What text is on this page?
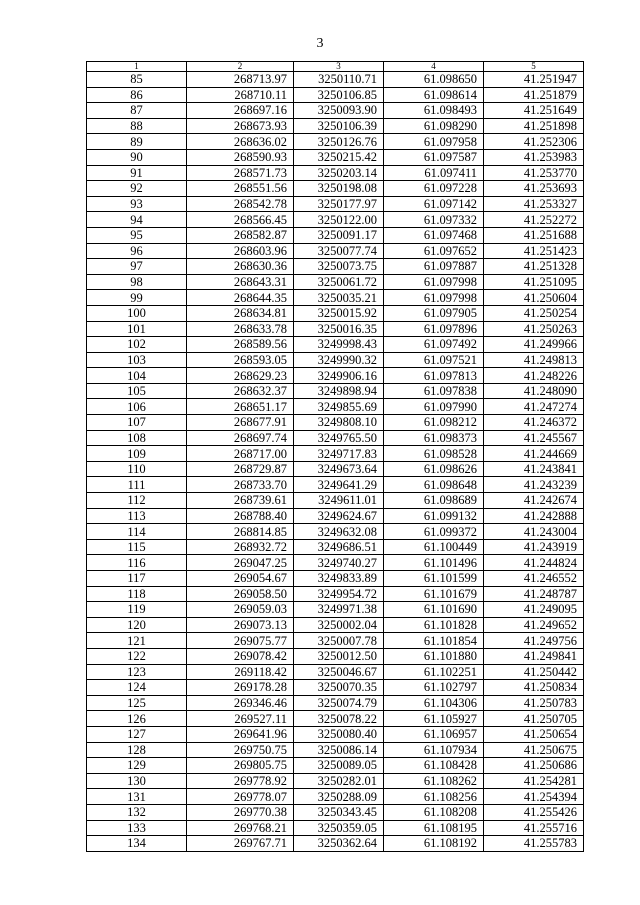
3
1	2	3	4	5
85	268713.97	3250110.71	61.098650	41.251947
86	268710.11	3250106.85	61.098614	41.251879
87	268697.16	3250093.90	61.098493	41.251649
88	268673.93	3250106.39	61.098290	41.251898
89	268636.02	3250126.76	61.097958	41.252306
90	268590.93	3250215.42	61.097587	41.253983
91	268571.73	3250203.14	61.097411	41.253770
92	268551.56	3250198.08	61.097228	41.253693
93	268542.78	3250177.97	61.097142	41.253327
94	268566.45	3250122.00	61.097332	41.252272
95	268582.87	3250091.17	61.097468	41.251688
96	268603.96	3250077.74	61.097652	41.251423
97	268630.36	3250073.75	61.097887	41.251328
98	268643.31	3250061.72	61.097998	41.251095
99	268644.35	3250035.21	61.097998	41.250604
100	268634.81	3250015.92	61.097905	41.250254
101	268633.78	3250016.35	61.097896	41.250263
102	268589.56	3249998.43	61.097492	41.249966
103	268593.05	3249990.32	61.097521	41.249813
104	268629.23	3249906.16	61.097813	41.248226
105	268632.37	3249898.94	61.097838	41.248090
106	268651.17	3249855.69	61.097990	41.247274
107	268677.91	3249808.10	61.098212	41.246372
108	268697.74	3249765.50	61.098373	41.245567
109	268717.00	3249717.83	61.098528	41.244669
110	268729.87	3249673.64	61.098626	41.243841
111	268733.70	3249641.29	61.098648	41.243239
112	268739.61	3249611.01	61.098689	41.242674
113	268788.40	3249624.67	61.099132	41.242888
114	268814.85	3249632.08	61.099372	41.243004
115	268932.72	3249686.51	61.100449	41.243919
116	269047.25	3249740.27	61.101496	41.244824
117	269054.67	3249833.89	61.101599	41.246552
118	269058.50	3249954.72	61.101679	41.248787
119	269059.03	3249971.38	61.101690	41.249095
120	269073.13	3250002.04	61.101828	41.249652
121	269075.77	3250007.78	61.101854	41.249756
122	269078.42	3250012.50	61.101880	41.249841
123	269118.42	3250046.67	61.102251	41.250442
124	269178.28	3250070.35	61.102797	41.250834
125	269346.46	3250074.79	61.104306	41.250783
126	269527.11	3250078.22	61.105927	41.250705
127	269641.96	3250080.40	61.106957	41.250654
128	269750.75	3250086.14	61.107934	41.250675
129	269805.75	3250089.05	61.108428	41.250686
130	269778.92	3250282.01	61.108262	41.254281
131	269778.07	3250288.09	61.108256	41.254394
132	269770.38	3250343.45	61.108208	41.255426
133	269768.21	3250359.05	61.108195	41.255716
134	269767.71	3250362.64	61.108192	41.255783
